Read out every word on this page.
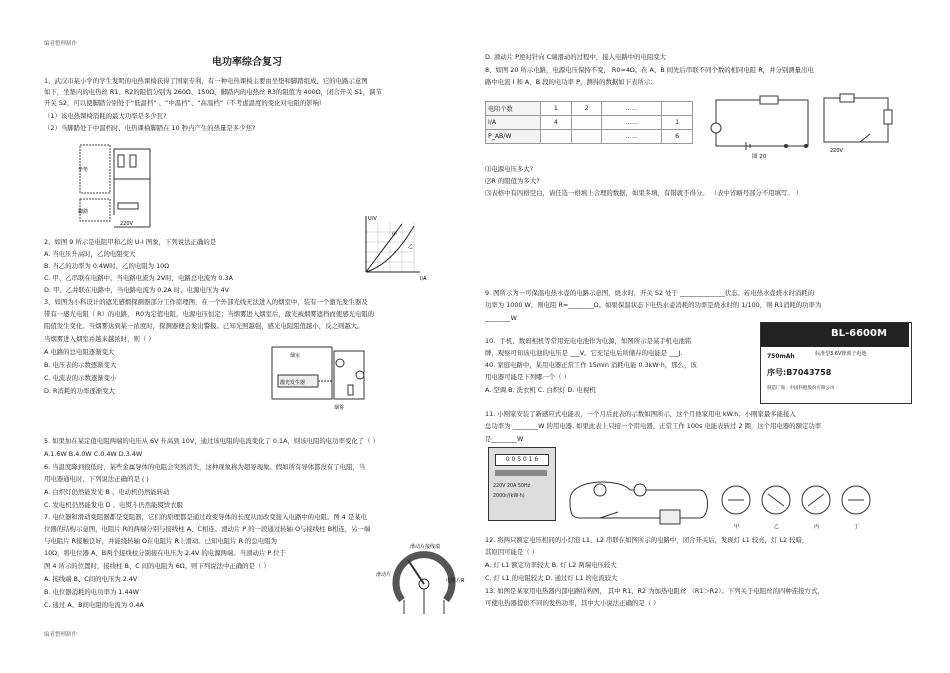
编者整理制作
编者整理制作
电功率综合复习
1、武汉市某小学的学生发明的电热课椅获得了国家专利，有一种电热课椅主要由坐垫和脚踏组成，它的电路示意图
如下，坐垫内的电热丝 R1、R2的阻值分别为 260Ω、150Ω，脚踏内的电热丝 R3的阻值为 400Ω，闭合开关 S1，调节
开关 S2，可以使脚踏分别处于“低温档” 、“中温档”、“高温档”（不考虑温度的变化对电阻的影响）
（1）该电热课椅消耗的最大功率是多少瓦?
（2）当脚踏处于中温档时，电热课椅脚踏在 10 秒内产生的热量是多少焦?
2、如图 9 所示是电阻甲和乙的 U-I 图象，下列说法正确的是
A. 当电压升高时，乙的电阻变大
B. 当乙的功率为 0.4W时，乙的电阻为 10Ω
C. 甲、乙串联在电路中，当电路电流为 2V时，电路总电流为 0.3A
D. 甲、乙并联在电路中，当电路电流为 0.2A 时，电源电压为 4V
3、如图为小科设计的遮光感烟探测器部分工作原理图，在一个外部光线无法进入的烟室中，装有一个激光发生器及
带有一感光电阻（ R）的电路， R0为定值电阻，电源电压恒定；当烟雾进入烟室后，激光被烟雾遮挡而使感光电阻的
阻值发生变化。当烟雾达到某一浓度时，探测器便会发出警报。已知光照越强，感光电阻阻值越小，反之则越大。
当烟雾进入烟室并越来越浓时，则（ ）
A 电路的总电阻逐渐变大
B. 电压表的示数逐渐变大
C. 电流表的示数逐渐变小
D. R消耗的功率逐渐变大
5. 如果加在某定值电阻两端的电压从 6V 升高到 10V，通过该电阻的电流变化了 0.1A，则该电阻的电功率变化了（ ）
A.1.6W B.4.0W C.0.4W D.3.4W
6. 当温度降到很低时，某些金属导体的电阻会突然消失，这种现象称为超导现象。假如所有导体都没有了电阻，当
用电器通电时，下列说法正确的是 ( )
A. 白炽灯仍然能发光 B 、电动机仍然能转动
C. 发电机仍然能发电 D 、电熨斗仍然能熨烫衣服
7. 电位器和滑动变阻器都是变阻器，它们的原理都是通过改变导体的长度从而改变接入电路中的电阻。图 4 是某电
位器的结构示意图，电阻片 R的两端分别与接线柱 A、C相连。滑动片 P 的一段通过转轴 O与接线柱 B相连，另一端
与电阻片 R接触良好，并能绕转轴 O在电阻片 R上滑动。已知电阻片 R 的总电阻为
10Ω，将电位器 A、B两个接线柱分别接在电压为 2.4V 的电源两端。当滑动片 P 位于
图 4 所示的位置时，接线柱 B、C 间的电阻为 6Ω。则下列说法中正确的是（ ）
A. 接线端 B、C间的电压为 2.4V
B. 电位器消耗的电功率为 1.44W
C. 通过 A、B间电阻的电流为 0.4A
D. 滑动片 P逆时针向 C端滑动的过程中，接入电路中的电阻变大
8、如图 20 所示电路，电源电压保持不变， R0=4Ω。在 A、B 间先后串联不同个数的相同电阻 R，并分别测量出电
路中电流 I 和 A、B 段的电功率 P，测得的数据如下表所示：
⑴电源电压多大?
⑵R 的阻值为多大?
⑶表格中有四格空白，请任选一格填上合理的数据，如果多填，有错就不得分。 （表中省略号部分不用填写。 ）
9. 图所示为一可保温电热水壶的电路示意图，烧水时，开关 S2 处于 ______________状态。若电热水壶烧水时消耗的
功率为 1000 W，则电阻 R=________Ω。如果保温状态下电热水壶消耗的功率是烧水时的 1/100，则 R1消耗的功率为
________W
10．手机、数码相机等常用充电电池作为电源，如图所示是某手机电池铭
牌，观察可知该电池的电压是 ___V。它充足电后所储存的电能是 ___J.
40. 家庭电路中，某用电器正常工作 15min 消耗电能 0.3kW·h，那么，该
用电器可能是下列哪一个（ ）
A. 空调 B. 洗衣机 C. 白炽灯 D. 电视机
11. 小刚家安装了新感应式电能表，一个月后此表的示数如图所示，这个月他家用电 kW.h；小刚家最多能接入
总功率为 ________W 的用电器. 如果此表上只接一个用电器，正常工作 100s 电能表转过 2 圈，这个用电器的额定功率
是________W
12. 将两只额定电压相同的小灯泡 L1、L2 串联在如图所示的电路中，闭合开关后，发现灯 L1 较亮，灯 L2 较暗，
其原因可能是（ ）
A. 灯 L1 额定功率较大 B. 灯 L2 两端电压较大
C. 灯 L1 的电阻较大 D. 通过灯 L1 的电流较大
13. 如图是某家用电热器内部电路结构图， 其中 R1、R2 为加热电阻丝 （R1＞R2）。下列关于电阻丝的四种连接方式，
可使电热器提供不同的发热功率，其中大小说法正确的是（ ）
坐垫
脚踏
220V
U/V
I/A
甲
乙
烟室
激光发生器
烟雾
滑动片接线端
滑动片
电阻片R
电阻个数	1	2	……	
I/A	4		……	1
P_AB/W			……	6
图 20
220V
BL-6600M
标准型3.6V锂离子电池
750mAh
序号:B7043758
制造厂商：中国科健股份有限公司
0 0 5 0 1 6
220V 20A 50Hz
2000r/(kW·h)
甲	乙	丙	丁
